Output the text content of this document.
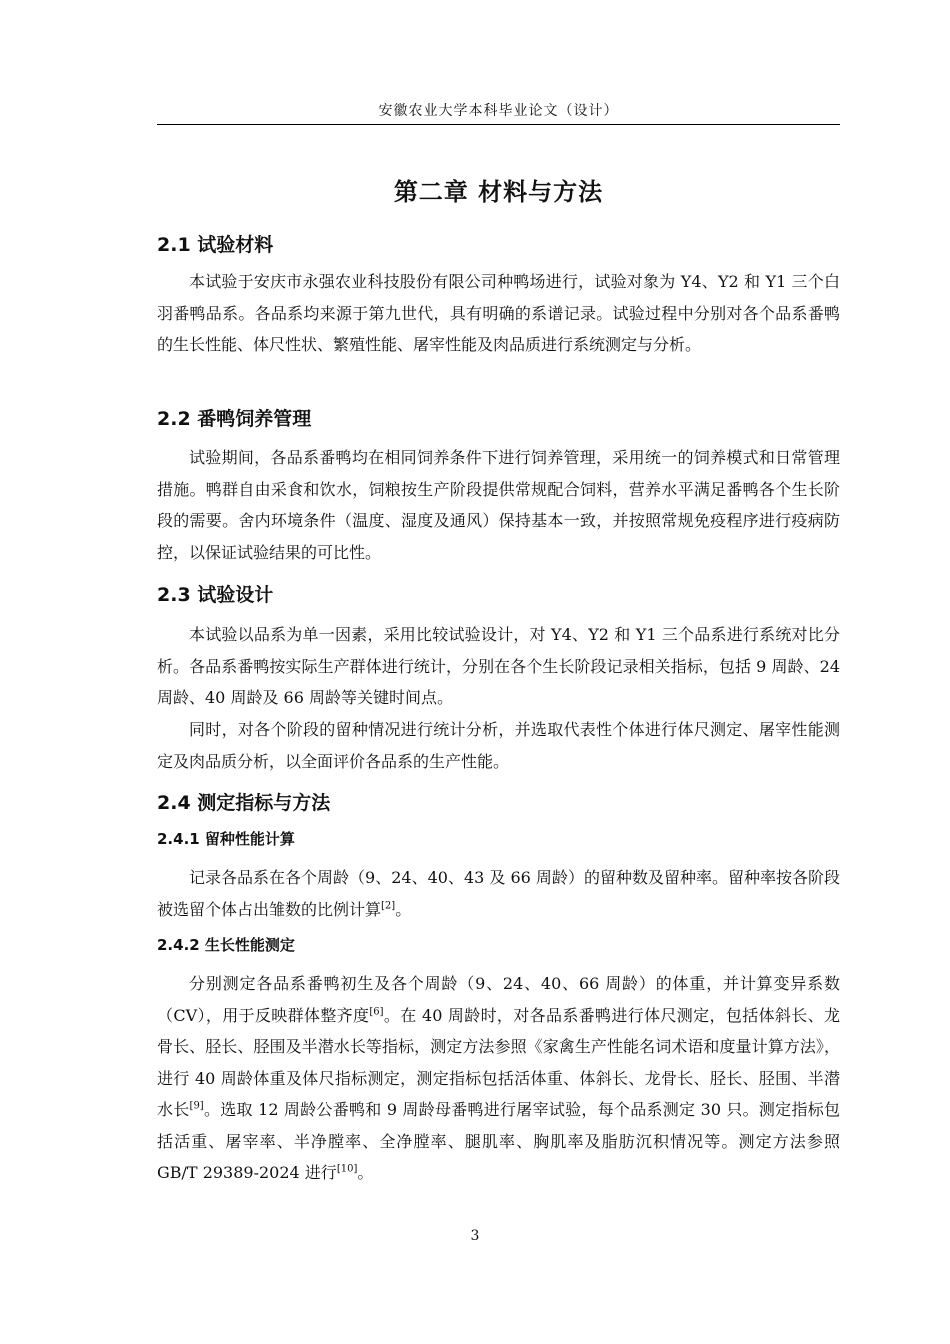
安徽农业大学本科毕业论文（设计）
第二章 材料与方法
2.1 试验材料

本试验于安庆市永强农业科技股份有限公司种鸭场进行，试验对象为 Y4、Y2 和 Y1 三个白羽番鸭品系。各品系均来源于第九世代，具有明确的系谱记录。试验过程中分别对各个品系番鸭的生长性能、体尺性状、繁殖性能、屠宰性能及肉品质进行系统测定与分析。

2.2 番鸭饲养管理

试验期间，各品系番鸭均在相同饲养条件下进行饲养管理，采用统一的饲养模式和日常管理措施。鸭群自由采食和饮水，饲粮按生产阶段提供常规配合饲料，营养水平满足番鸭各个生长阶段的需要。舍内环境条件（温度、湿度及通风）保持基本一致，并按照常规免疫程序进行疫病防控，以保证试验结果的可比性。

2.3 试验设计

本试验以品系为单一因素，采用比较试验设计，对 Y4、Y2 和 Y1 三个品系进行系统对比分析。各品系番鸭按实际生产群体进行统计，分别在各个生长阶段记录相关指标，包括 9 周龄、24 周龄、40 周龄及 66 周龄等关键时间点。

同时，对各个阶段的留种情况进行统计分析，并选取代表性个体进行体尺测定、屠宰性能测定及肉品质分析，以全面评价各品系的生产性能。

2.4 测定指标与方法
2.4.1 留种性能计算

记录各品系在各个周龄（9、24、40、43 及 66 周龄）的留种数及留种率。留种率按各阶段被选留个体占出雏数的比例计算[2]。

2.4.2 生长性能测定

分别测定各品系番鸭初生及各个周龄（9、24、40、66 周龄）的体重，并计算变异系数（CV），用于反映群体整齐度[6]。在 40 周龄时，对各品系番鸭进行体尺测定，包括体斜长、龙骨长、胫长、胫围及半潜水长等指标，测定方法参照《家禽生产性能名词术语和度量计算方法》，进行 40 周龄体重及体尺指标测定，测定指标包括活体重、体斜长、龙骨长、胫长、胫围、半潜水长[9]。选取 12 周龄公番鸭和 9 周龄母番鸭进行屠宰试验，每个品系测定 30 只。测定指标包括活重、屠宰率、半净膛率、全净膛率、腿肌率、胸肌率及脂肪沉积情况等。测定方法参照 GB/T 29389-2024 进行[10]。

3
